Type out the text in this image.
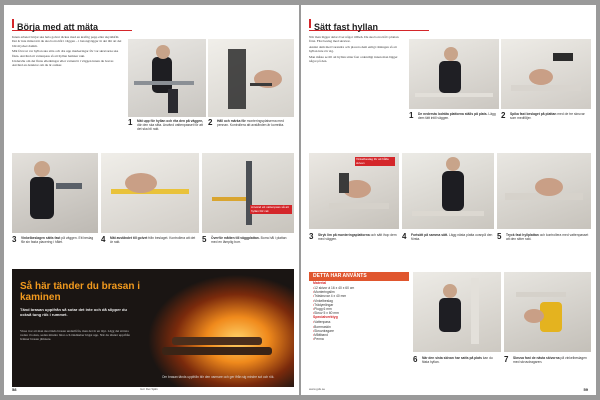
Börja med att mäta

Innan arbetet börjar ska hela golvet täckas med en kraftig papp eller skyddsfilt. Det är inte minst när du ska borra hål i väggen – i betongväggar är det lätt att det blir mycket damm.

Mät först ut var hyllan ska sitta och dra upp markeringar för var skruvarna ska fästa. Använd ett vattenpass så att hyllan hamnar rakt.

Undersök om det finns elledningar eller vattenrör i väggen innan du borrar. Använd en detektor om du är osäker.

1 Mät upp för hyllan och rita den på väggen, där den ska sitta. Använd vattenpasset för att det ska bli rakt.
2 Håll och märka för monteringsplatserna med pennan. Kontrollera att avstånden är korrekta.
Använd ett vattenpass så att hyllan blir rak
3 Vinkelbeslagen sätts fast på väggen. Ett beslag får sin fasta placering i hålet.	4 Mät avståndet till golvet från beslaget. Kontrollera att det är rakt.	5 Överför måtten till väggplattan. Borra hål i plattan med en lämplig borr.
Så här tänder du brasan i kaminen
Tänd brasan uppifrån så sotar det inte och då slipper du också tung rök i rummet.
Vissa tror att man ska tända brasan underifrån, men det är en myt. Lägg det största veden i botten, sedan mindre bitar och tändkuber högst upp. När du tänder uppifrån brinner brasan jämnare.
Om brasan tänds uppifrån blir den varmare och ger ifrån sig mindre sot och rök.
58	Gör Det Själv
Sätt fast hyllan

När man lägger delar över något tillbeh. Du ska borra hål i plattan först. Fäst beslag med skruvar.

Anslut dem med varandra och placera dem enligt ritningen så att hyllan inte rör sig.

Man måste se till att hyllan sitter fast ordentligt innan man lägger något på den.

1 De nedersta lodräta plattorna ställs på plats. Lägg dem tätt intill väggen.	2 Spika fast beslaget på plattan med de tre skruvar som medföljer.
Vinkelbeslag för att hålla skivan
3 Stryk lim på monteringsplattorna och sätt ihop dem med väggen.	4 Fortsätt på samma sätt. Lägg nästa platta ovanpå den första.	5 Tryck fast hyllplattan och kontrollera med vattenpasset att den sitter rakt.
DETTA HAR ANVÄNTS
Material
• 12 skivor á 16 x 40 x 60 cm
• Monteringslim
• Träskruvar 4 x 40 mm
• Vinkelbeslag
• Trädymlingar
• Plugg 6 mm
• Skruv 5 x 60 mm
Specialverktyg
• Vattenpass
• Borrmaskin
• Skruvdragare
• Måttband
• Penna
6 När den sista skivan har satts på plats kan du fästa hyllan.	7 Skruva fast de nästa skivorna på vinkelbeslagen med skruvdragaren.
www.gds.se	59
